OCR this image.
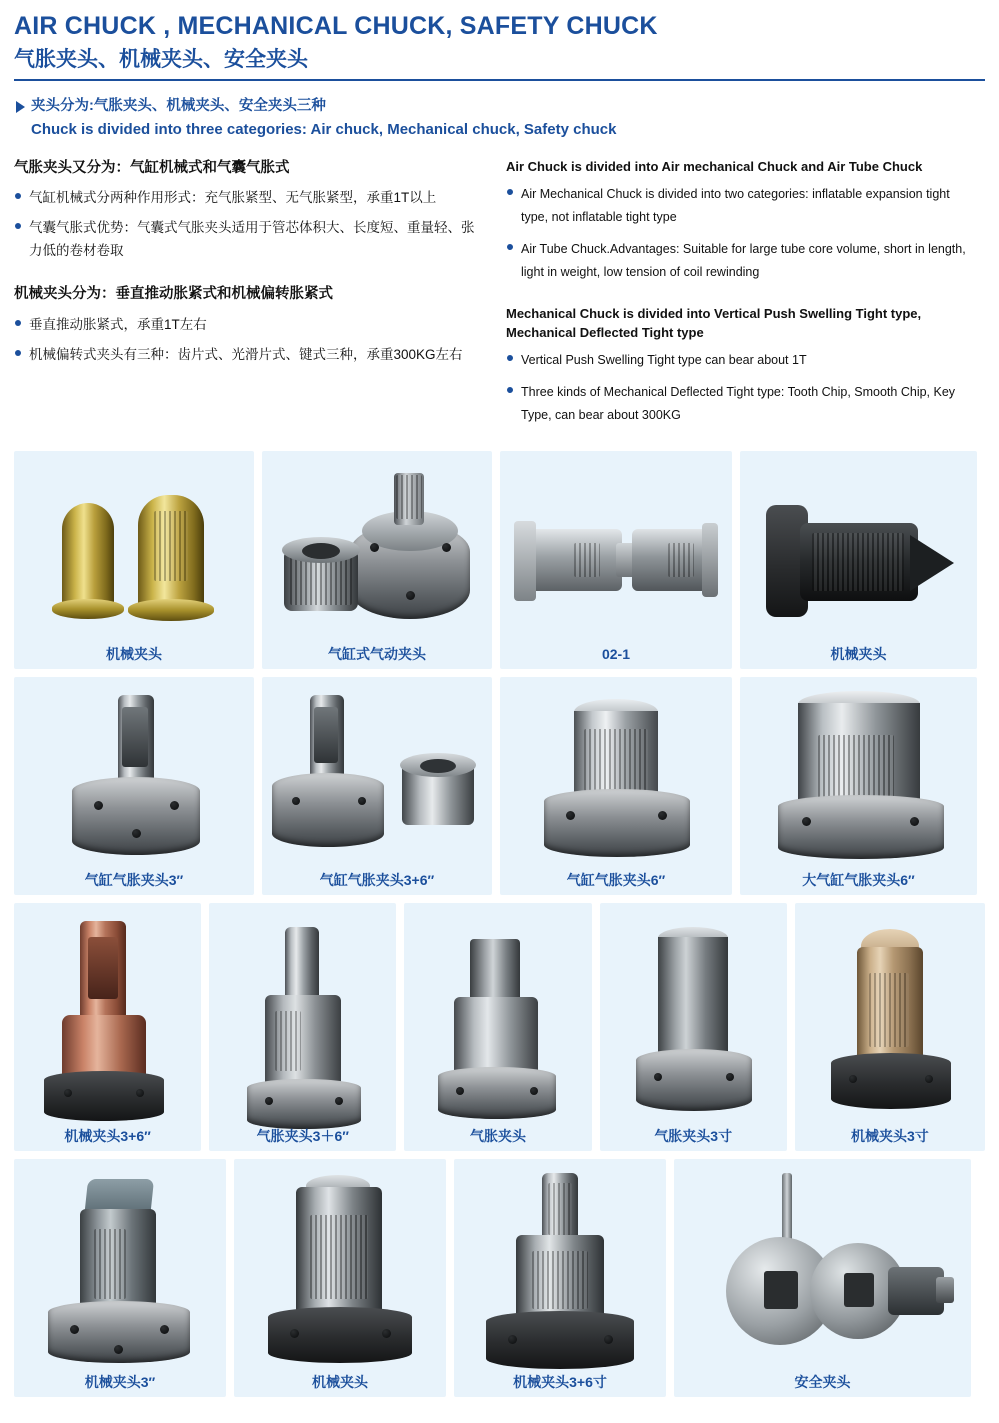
AIR CHUCK , MECHANICAL CHUCK, SAFETY CHUCK
气胀夹头、机械夹头、安全夹头
夹头分为:气胀夹头、机械夹头、安全夹头三种
Chuck is divided into three categories: Air chuck, Mechanical chuck, Safety chuck
气胀夹头又分为：气缸机械式和气囊气胀式
气缸机械式分两种作用形式：充气胀紧型、无气胀紧型，承重1T以上
气囊气胀式优势：气囊式气胀夹头适用于管芯体积大、长度短、重量轻、张力低的卷材卷取
机械夹头分为：垂直推动胀紧式和机械偏转胀紧式
垂直推动胀紧式，承重1T左右
机械偏转式夹头有三种：齿片式、光滑片式、键式三种，承重300KG左右
Air Chuck is divided into Air mechanical Chuck and Air Tube Chuck
Air Mechanical Chuck is divided into two categories: inflatable expansion tight type, not inflatable tight type
Air Tube Chuck.Advantages: Suitable for large tube core volume, short in length, light in weight, low tension of coil rewinding
Mechanical Chuck is divided into Vertical Push Swelling Tight type, Mechanical Deflected Tight type
Vertical Push Swelling Tight type can bear about 1T
Three kinds of Mechanical Deflected Tight type: Tooth Chip, Smooth Chip, Key Type, can bear about 300KG
机械夹头	气缸式气动夹头	02-1	机械夹头
气缸气胀夹头3″	气缸气胀夹头3+6″	气缸气胀夹头6″	大气缸气胀夹头6″
机械夹头3+6″	气胀夹头3＋6″	气胀夹头	气胀夹头3寸	机械夹头3寸
机械夹头3″	机械夹头	机械夹头3+6寸	安全夹头
